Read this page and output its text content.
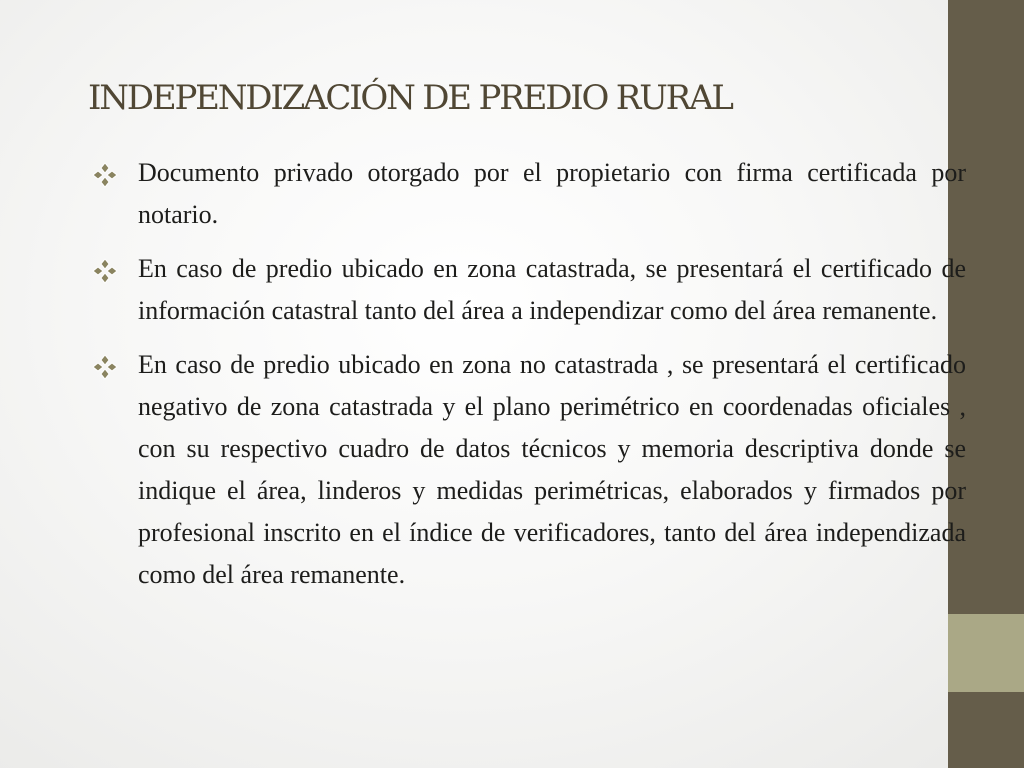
INDEPENDIZACIÓN DE PREDIO RURAL
Documento privado otorgado por el propietario con firma certificada por notario.
En caso de predio ubicado en zona catastrada, se presentará el certificado de información catastral tanto del área a independizar como del área remanente.
En caso de predio ubicado en zona no catastrada , se presentará el certificado negativo de zona catastrada y el plano perimétrico en coordenadas oficiales , con su respectivo cuadro de datos técnicos y memoria descriptiva donde se indique el área, linderos y medidas perimétricas, elaborados y firmados por profesional inscrito en el índice de verificadores, tanto del área independizada como del área remanente.
